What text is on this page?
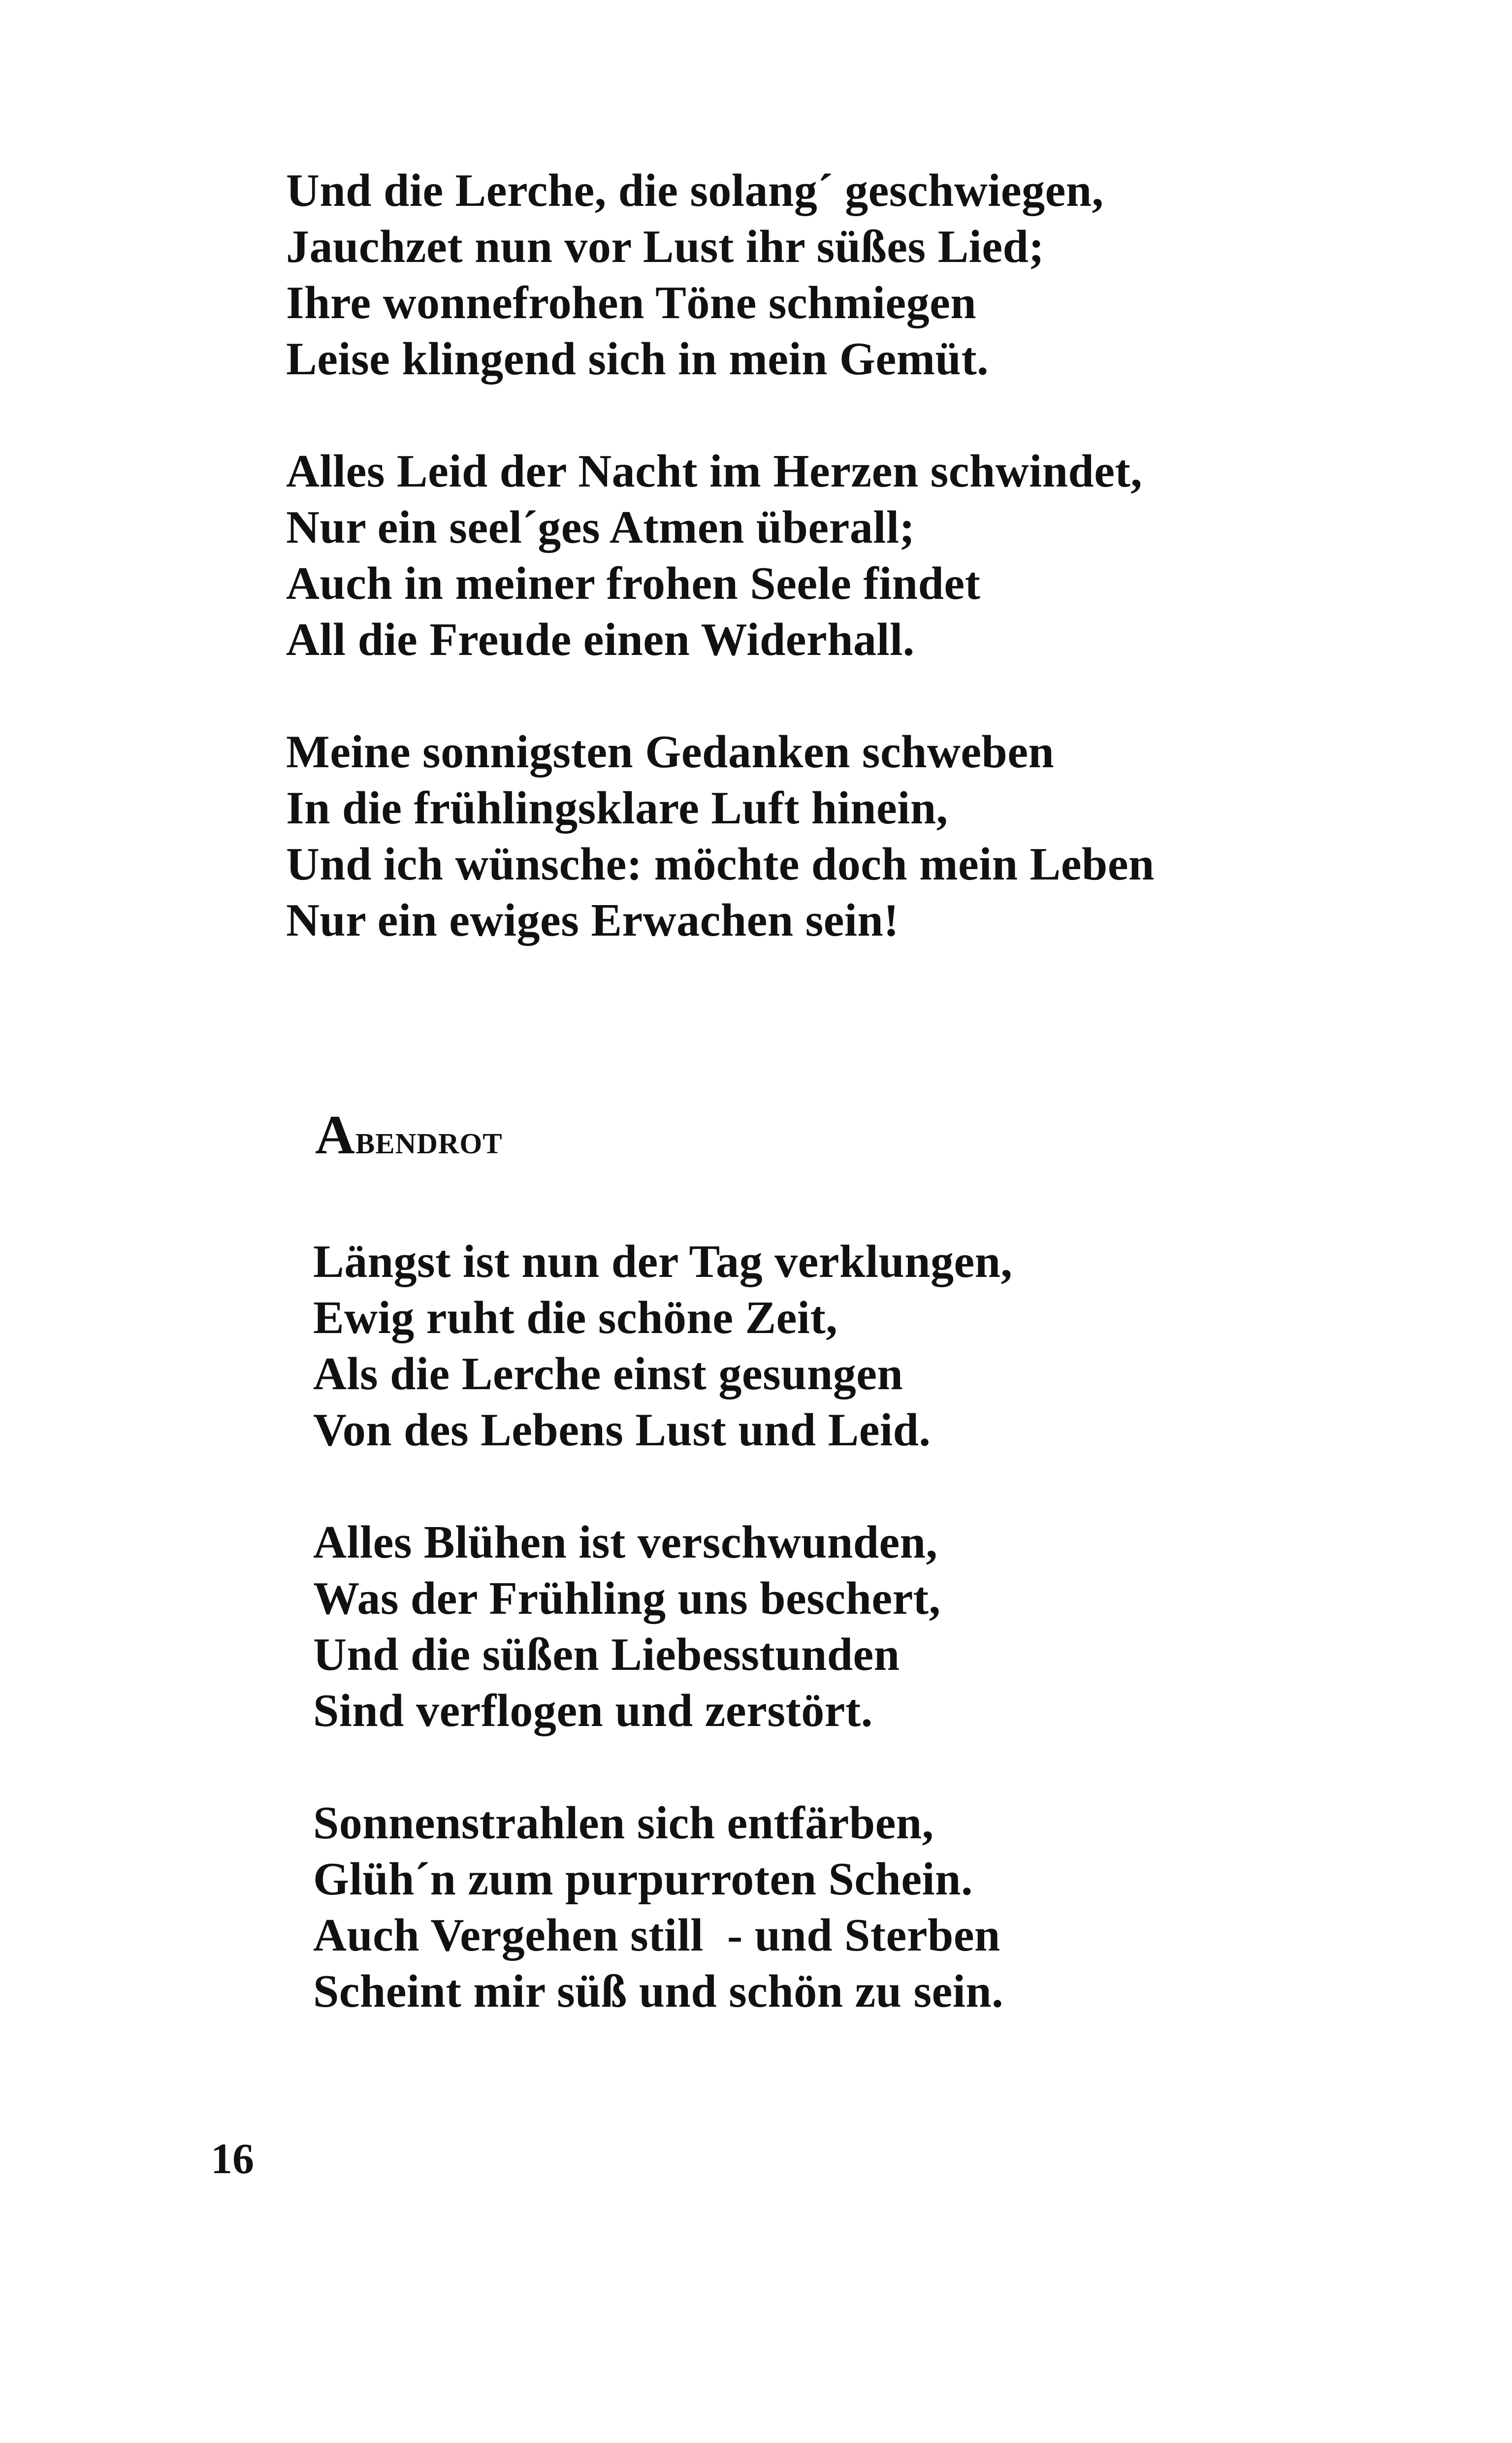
Und die Lerche, die solang´ geschwiegen,
Jauchzet nun vor Lust ihr süßes Lied;
Ihre wonnefrohen Töne schmiegen
Leise klingend sich in mein Gemüt.
Alles Leid der Nacht im Herzen schwindet,
Nur ein seel´ges Atmen überall;
Auch in meiner frohen Seele findet
All die Freude einen Widerhall.
Meine sonnigsten Gedanken schweben
In die frühlingsklare Luft hinein,
Und ich wünsche: möchte doch mein Leben
Nur ein ewiges Erwachen sein!
Abendrot
Längst ist nun der Tag verklungen,
Ewig ruht die schöne Zeit,
Als die Lerche einst gesungen
Von des Lebens Lust und Leid.
Alles Blühen ist verschwunden,
Was der Frühling uns beschert,
Und die süßen Liebesstunden
Sind verflogen und zerstört.
Sonnenstrahlen sich entfärben,
Glüh´n zum purpurroten Schein.
Auch Vergehen still  - und Sterben
Scheint mir süß und schön zu sein.

16
